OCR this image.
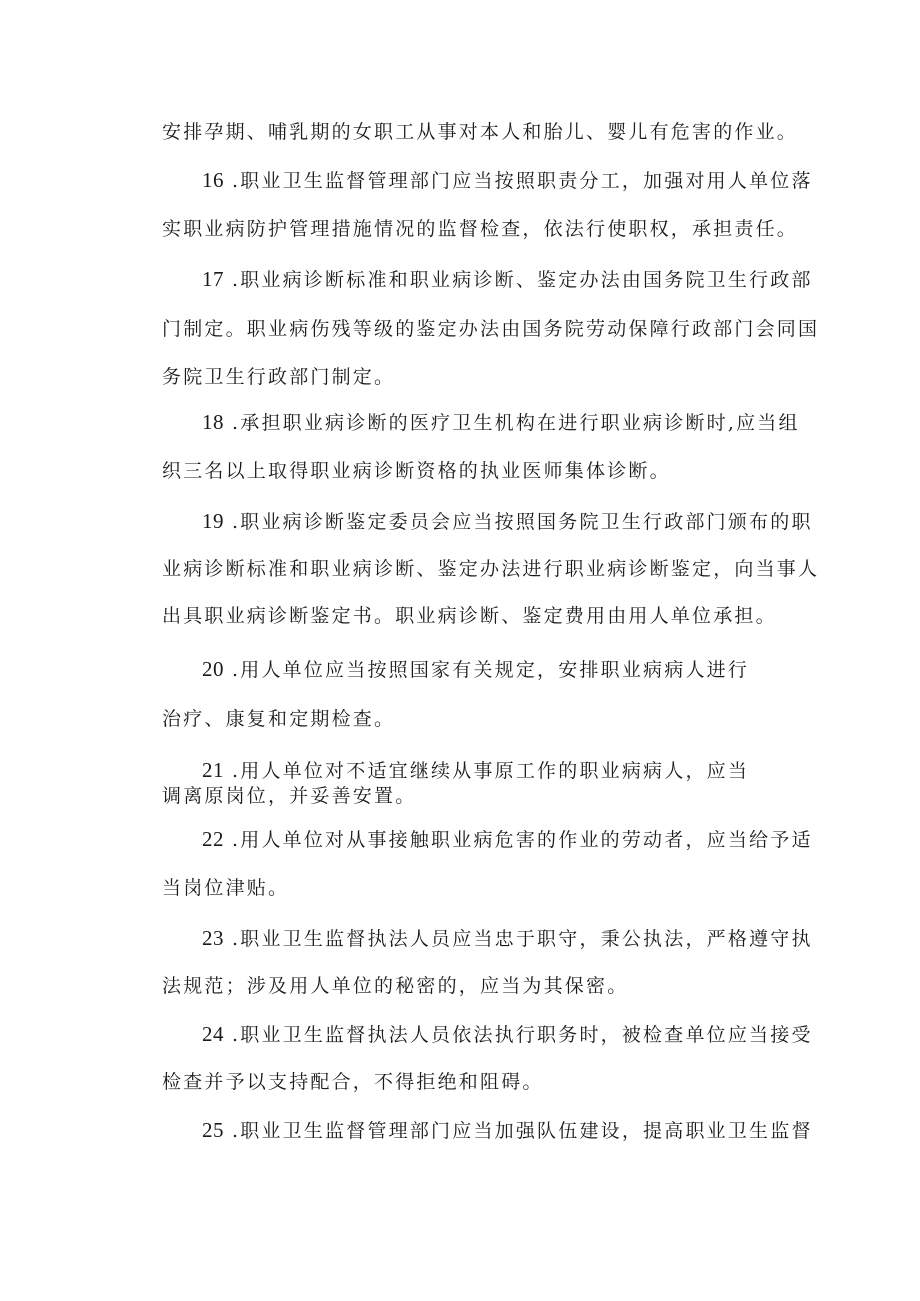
安排孕期、哺乳期的女职工从事对本人和胎儿、婴儿有危害的作业。
16 .职业卫生监督管理部门应当按照职责分工，加强对用人单位落
实职业病防护管理措施情况的监督检查，依法行使职权，承担责任。
17 .职业病诊断标准和职业病诊断、鉴定办法由国务院卫生行政部
门制定。职业病伤残等级的鉴定办法由国务院劳动保障行政部门会同国
务院卫生行政部门制定。
18 .承担职业病诊断的医疗卫生机构在进行职业病诊断时,应当组
织三名以上取得职业病诊断资格的执业医师集体诊断。
19 .职业病诊断鉴定委员会应当按照国务院卫生行政部门颁布的职
业病诊断标准和职业病诊断、鉴定办法进行职业病诊断鉴定，向当事人
出具职业病诊断鉴定书。职业病诊断、鉴定费用由用人单位承担。
20 .用人单位应当按照国家有关规定，安排职业病病人进行
治疗、康复和定期检查。
21 .用人单位对不适宜继续从事原工作的职业病病人，应当
调离原岗位，并妥善安置。
22 .用人单位对从事接触职业病危害的作业的劳动者，应当给予适
当岗位津贴。
23 .职业卫生监督执法人员应当忠于职守，秉公执法，严格遵守执
法规范；涉及用人单位的秘密的，应当为其保密。
24 .职业卫生监督执法人员依法执行职务时，被检查单位应当接受
检查并予以支持配合，不得拒绝和阻碍。
25 .职业卫生监督管理部门应当加强队伍建设，提高职业卫生监督
